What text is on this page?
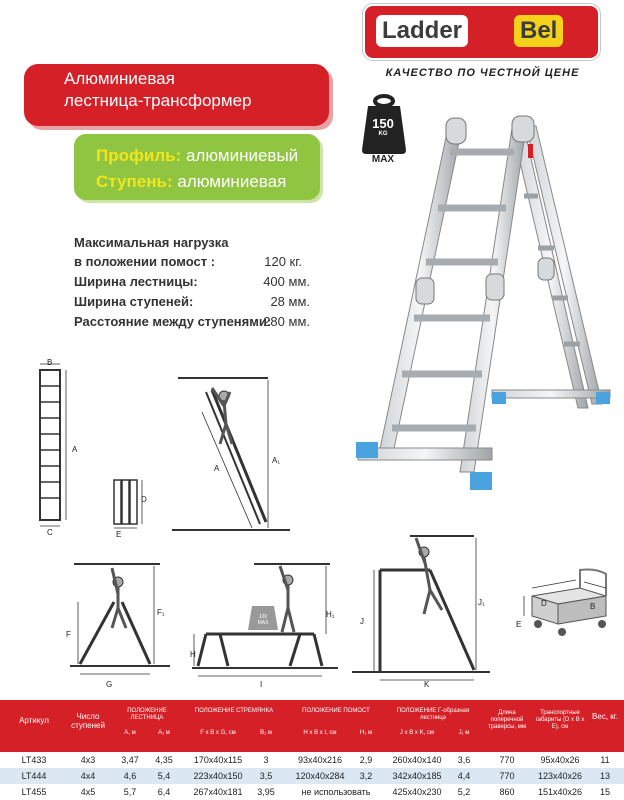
Ladder Bel
КАЧЕСТВО ПО ЧЕСТНОЙ ЦЕНЕ
Алюминиевая
лестница-трансформер
Профиль: алюминиевый
Ступень: алюминиевая
150
KG
MAX
Максимальная нагрузка
в положении помост :	120 кг.
Ширина лестницы:	400 мм.
Ширина ступеней:	28 мм.
Расстояние между ступенями:
280 мм.
B
A
C
D
E
A
A₁
F
F₁
G
120 MAX
H
H₁
I
J
J₁
K
D	B
E
Артикул	Число ступеней
ПОЛОЖЕНИЕ ЛЕСТНИЦА
A, м	A₁ м
ПОЛОЖЕНИЕ СТРЕМЯНКА
F x B x G, см	B₁ м
ПОЛОЖЕНИЕ ПОМОСТ
H x B x I, см	H₁ м
ПОЛОЖЕНИЕ Г-образная лестница
J x B x K, см	J₁ м
Длина поперечной траверсы, мм
Транспортные габариты (D x B x E), см
Вес, кг.
LT433	4x3	3,47	4,35	170x40x115	3	93x40x216	2,9	260x40x140	3,6	770	95x40x26	11
LT444	4x4	4,6	5,4	223x40x150	3,5	120x40x284	3,2	342x40x185	4,4	770	123x40x26	13
LT455	4x5	5,7	6,4	267x40x181	3,95	не использовать	425x40x230	5,2	860	151x40x26	15
